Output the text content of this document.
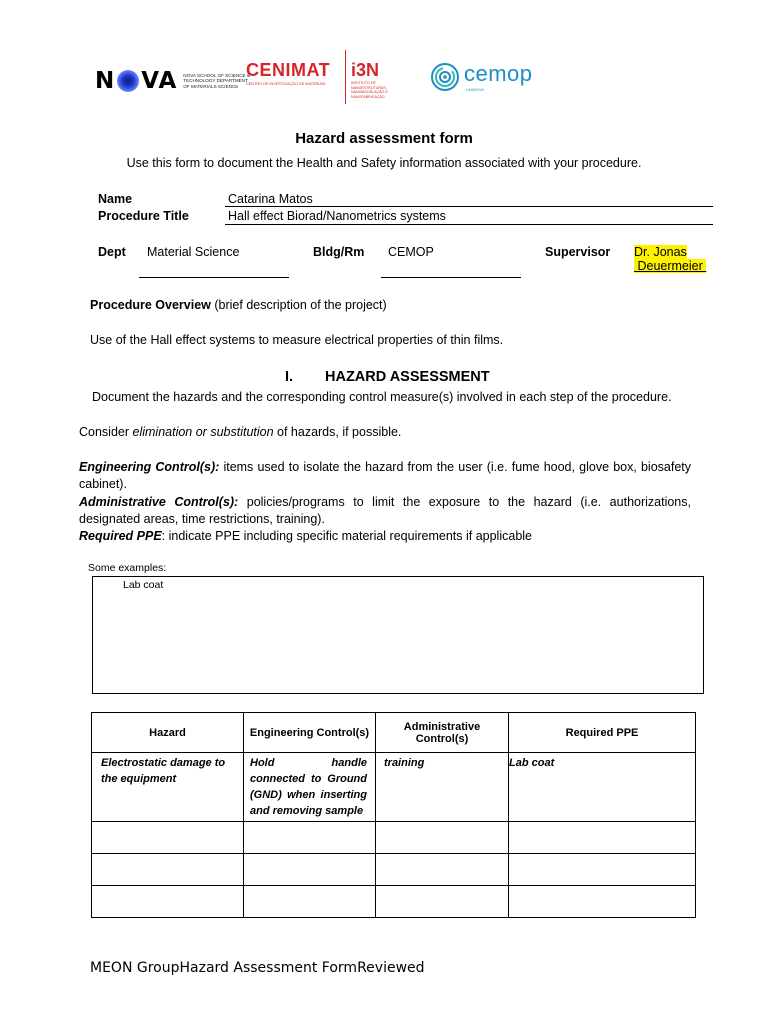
N VA NOVA SCHOOL OF SCIENCE & TECHNOLOGY DEPARTMENT OF MATERIALS SCIENCE
CENIMAT
CENTRO DE INVESTIGAÇÃO DE MATERIAIS
i3N
INSTITUTO DE NANOESTRUTURAS, NANOMODELAÇÃO E NANOFABRICAÇÃO
cemop
UNINOVA
Hazard assessment form
Use this form to document the Health and Safety information associated with your procedure.
Name	Catarina Matos
Procedure Title	Hall effect Biorad/Nanometrics systems
Dept Material Science	Bldg/Rm CEMOP	Supervisor Dr. Jonas
Deuermeier
Procedure Overview (brief description of the project)
Use of the Hall effect systems to measure electrical properties of thin films.
I. HAZARD ASSESSMENT
Document the hazards and the corresponding control measure(s) involved in each step of the procedure.
Consider elimination or substitution of hazards, if possible.
Engineering Control(s): items used to isolate the hazard from the user (i.e. fume hood, glove box, biosafety cabinet).
Administrative Control(s): policies/programs to limit the exposure to the hazard (i.e. authorizations, designated areas, time restrictions, training).
Required PPE: indicate PPE including specific material requirements if applicable
Some examples:
Lab coat
Hazard	Engineering Control(s)	Administrative Control(s)	Required PPE
Electrostatic damage to the equipment	Hold handle connected to Ground (GND) when inserting and removing sample	training	Lab coat

MEON GroupHazard Assessment FormReviewed
